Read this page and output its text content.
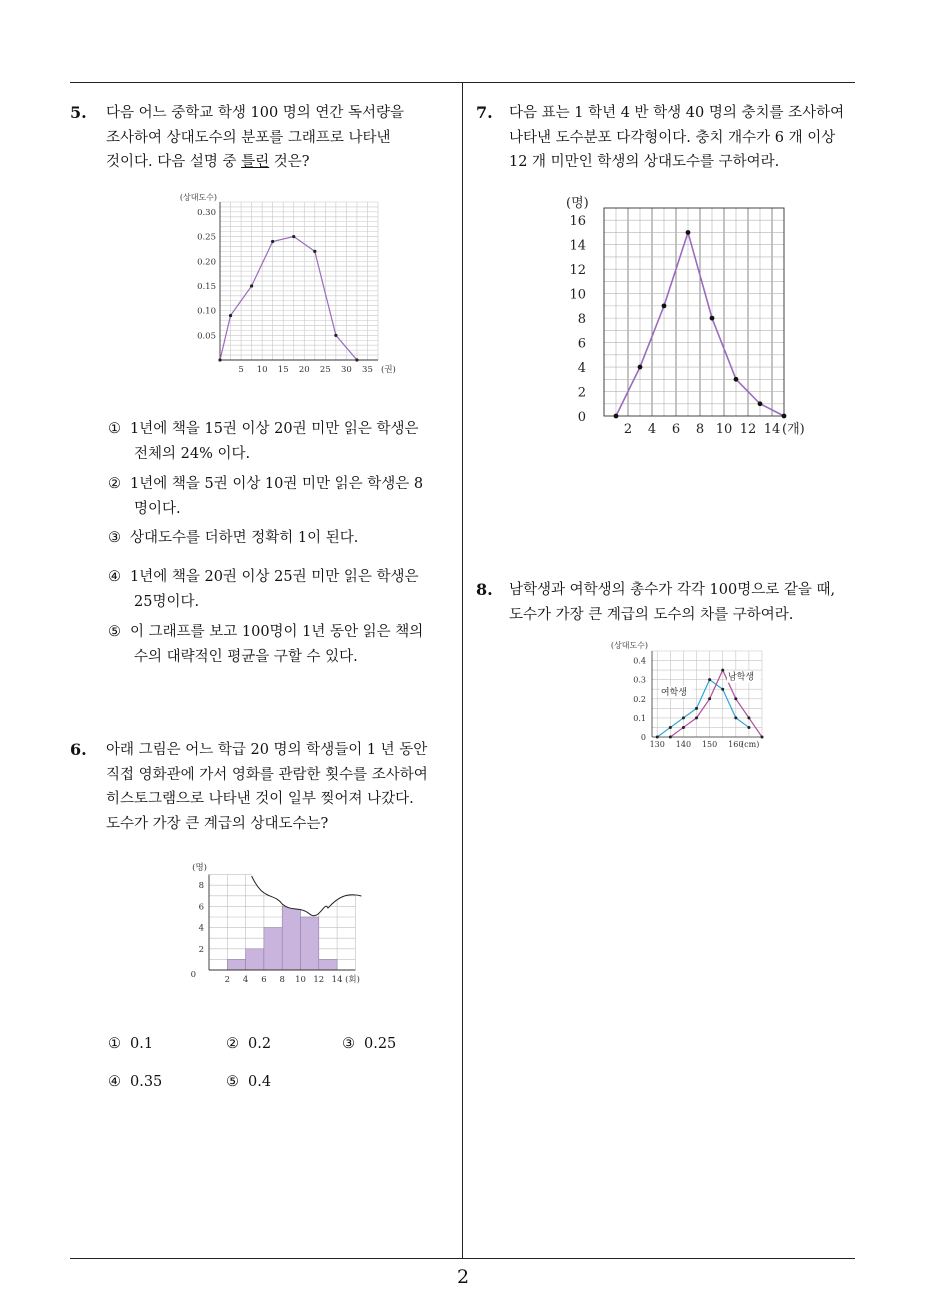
2
5. 다음 어느 중학교 학생 100 명의 연간 독서량을
조사하여 상대도수의 분포를 그래프로 나타낸
것이다. 다음 설명 중 틀린 것은?
0.05
0.10
0.15
0.20
0.25
0.30
5 10 15 20 25 30 35 (권)
(상대도수)
① 1년에 책을 15권 이상 20권 미만 읽은 학생은
전체의 24% 이다.
② 1년에 책을 5권 이상 10권 미만 읽은 학생은 8
명이다.
③ 상대도수를 더하면 정확히 1이 된다.
④ 1년에 책을 20권 이상 25권 미만 읽은 학생은
25명이다.
⑤ 이 그래프를 보고 100명이 1년 동안 읽은 책의
수의 대략적인 평균을 구할 수 있다.
6. 아래 그림은 어느 학급 20 명의 학생들이 1 년 동안
직접 영화관에 가서 영화를 관람한 횟수를 조사하여
히스토그램으로 나타낸 것이 일부 찢어져 나갔다.
도수가 가장 큰 계급의 상대도수는?
0
2
4
6
8
2 4 6 8 10 12 14 (회)
(명)
① 0.1	② 0.2	③ 0.25
④ 0.35	⑤ 0.4
7. 다음 표는 1 학년 4 반 학생 40 명의 충치를 조사하여
나타낸 도수분포 다각형이다. 충치 개수가 6 개 이상
12 개 미만인 학생의 상대도수를 구하여라.
0
2
4
6
8
10
12
14
16
2 4 6 8 10 12 14 (개)
(명)
8. 남학생과 여학생의 총수가 각각 100명으로 같을 때,
도수가 가장 큰 계급의 도수의 차를 구하여라.
0
0.1
0.2
0.3
0.4
130 140 150 160
(cm)
(상대도수)
여학생
남학생
